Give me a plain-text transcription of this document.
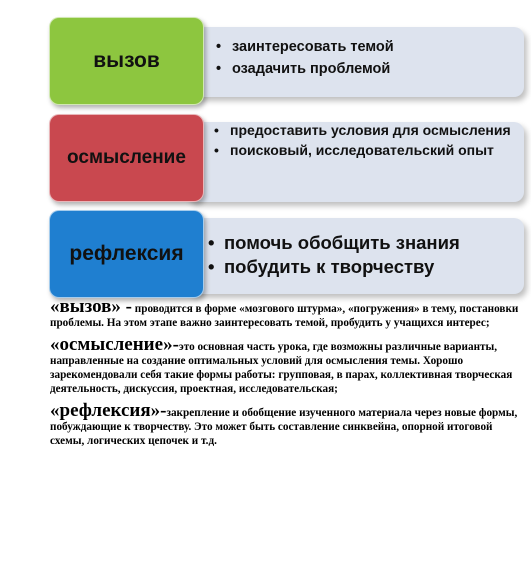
• заинтересовать темой
• озадачить проблемой
вызов
• предоставить условия для осмысления
• поисковый, исследовательский опыт
осмысление
• помочь обобщить знания
• побудить к творчеству
рефлексия

«вызов» - проводится в форме «мозгового штурма», «погружения» в тему, постановки проблемы. На этом этапе важно заинтересовать темой, пробудить у учащихся интерес;

«осмысление»-это основная часть урока, где возможны различные варианты, направленные на создание оптимальных условий для осмысления темы. Хорошо зарекомендовали себя такие формы работы: групповая, в парах, коллективная творческая деятельность, дискуссия, проектная, исследовательская;

«рефлексия»-закрепление и обобщение изученного материала через новые формы, побуждающие к творчеству. Это может быть составление синквейна, опорной итоговой схемы, логических цепочек и т.д.
